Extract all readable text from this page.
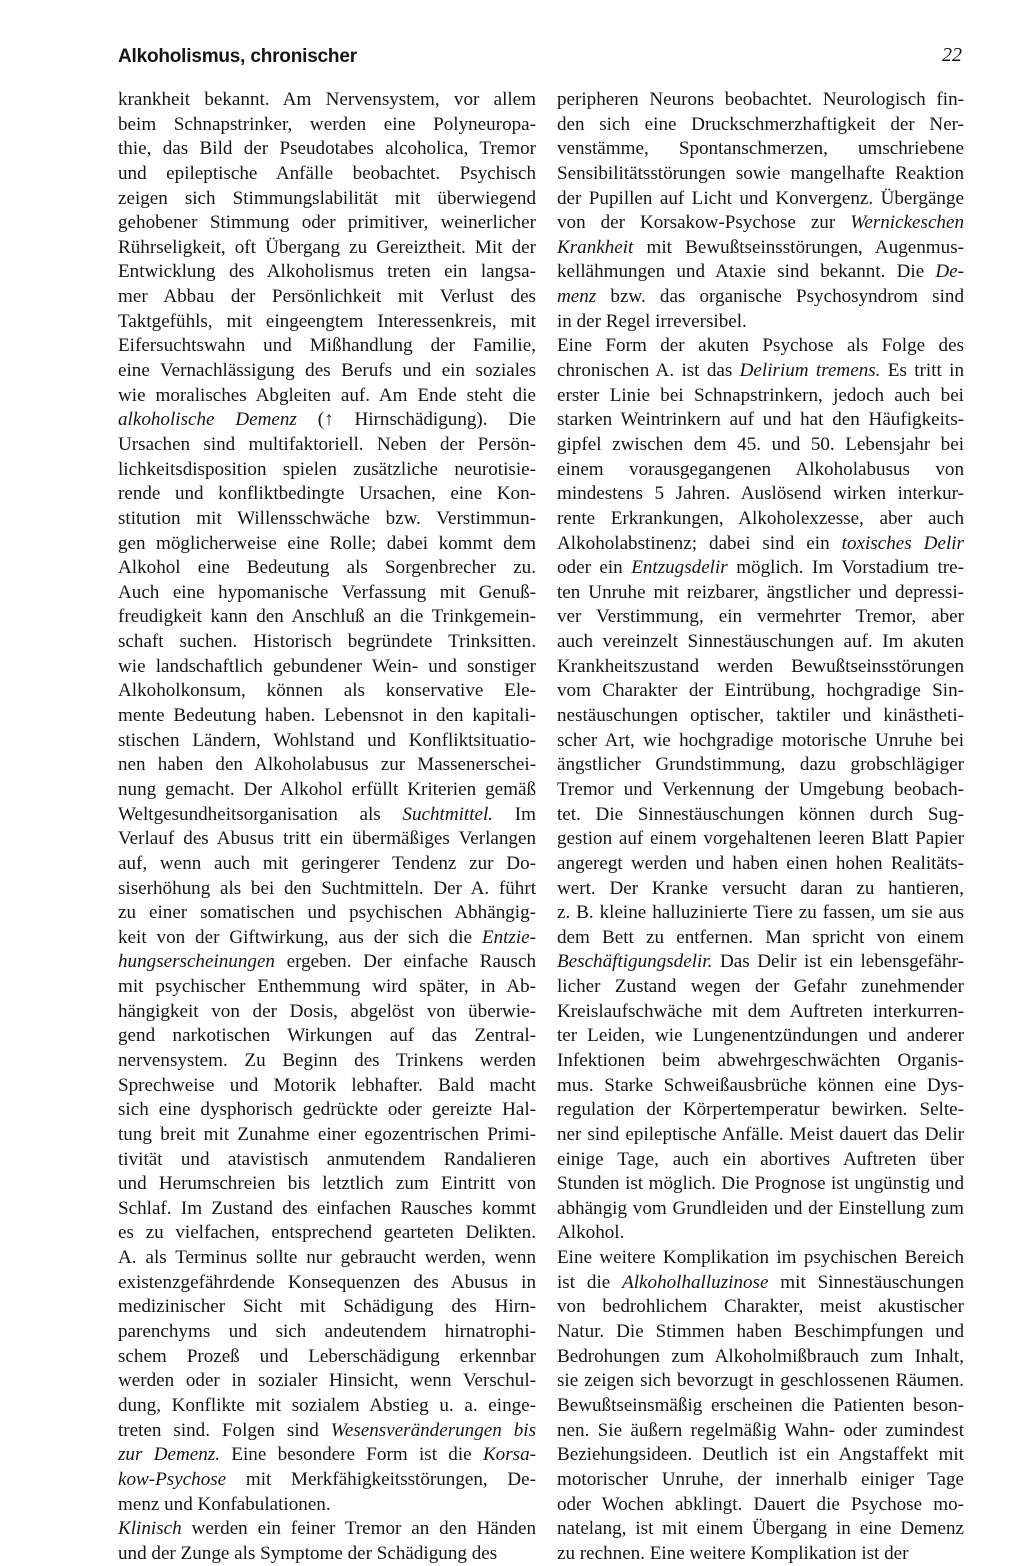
Alkoholismus, chronischer	22
krankheit bekannt. Am Nervensystem, vor allem
beim Schnapstrinker, werden eine Polyneuropa-
thie, das Bild der Pseudotabes alcoholica, Tremor
und epileptische Anfälle beobachtet. Psychisch
zeigen sich Stimmungslabilität mit überwiegend
gehobener Stimmung oder primitiver, weinerlicher
Rührseligkeit, oft Übergang zu Gereiztheit. Mit der
Entwicklung des Alkoholismus treten ein langsa-
mer Abbau der Persönlichkeit mit Verlust des
Taktgefühls, mit eingeengtem Interessenkreis, mit
Eifersuchtswahn und Mißhandlung der Familie,
eine Vernachlässigung des Berufs und ein soziales
wie moralisches Abgleiten auf. Am Ende steht die
alkoholische Demenz (↑ Hirnschädigung). Die
Ursachen sind multifaktoriell. Neben der Persön-
lichkeitsdisposition spielen zusätzliche neurotisie-
rende und konfliktbedingte Ursachen, eine Kon-
stitution mit Willensschwäche bzw. Verstimmun-
gen möglicherweise eine Rolle; dabei kommt dem
Alkohol eine Bedeutung als Sorgenbrecher zu.
Auch eine hypomanische Verfassung mit Genuß-
freudigkeit kann den Anschluß an die Trinkgemein-
schaft suchen. Historisch begründete Trinksitten.
wie landschaftlich gebundener Wein- und sonstiger
Alkoholkonsum, können als konservative Ele-
mente Bedeutung haben. Lebensnot in den kapitali-
stischen Ländern, Wohlstand und Konfliktsituatio-
nen haben den Alkoholabusus zur Massenerschei-
nung gemacht. Der Alkohol erfüllt Kriterien gemäß
Weltgesundheitsorganisation als Suchtmittel. Im
Verlauf des Abusus tritt ein übermäßiges Verlangen
auf, wenn auch mit geringerer Tendenz zur Do-
siserhöhung als bei den Suchtmitteln. Der A. führt
zu einer somatischen und psychischen Abhängig-
keit von der Giftwirkung, aus der sich die Entzie-
hungserscheinungen ergeben. Der einfache Rausch
mit psychischer Enthemmung wird später, in Ab-
hängigkeit von der Dosis, abgelöst von überwie-
gend narkotischen Wirkungen auf das Zentral-
nervensystem. Zu Beginn des Trinkens werden
Sprechweise und Motorik lebhafter. Bald macht
sich eine dysphorisch gedrückte oder gereizte Hal-
tung breit mit Zunahme einer egozentrischen Primi-
tivität und atavistisch anmutendem Randalieren
und Herumschreien bis letztlich zum Eintritt von
Schlaf. Im Zustand des einfachen Rausches kommt
es zu vielfachen, entsprechend gearteten Delikten.
A. als Terminus sollte nur gebraucht werden, wenn
existenzgefährdende Konsequenzen des Abusus in
medizinischer Sicht mit Schädigung des Hirn-
parenchyms und sich andeutendem hirnatrophi-
schem Prozeß und Leberschädigung erkennbar
werden oder in sozialer Hinsicht, wenn Verschul-
dung, Konflikte mit sozialem Abstieg u. a. einge-
treten sind. Folgen sind Wesensveränderungen bis
zur Demenz. Eine besondere Form ist die Korsa-
kow-Psychose mit Merkfähigkeitsstörungen, De-
menz und Konfabulationen.
Klinisch werden ein feiner Tremor an den Händen
und der Zunge als Symptome der Schädigung des
peripheren Neurons beobachtet. Neurologisch fin-
den sich eine Druckschmerzhaftigkeit der Ner-
venstämme, Spontanschmerzen, umschriebene
Sensibilitätsstörungen sowie mangelhafte Reaktion
der Pupillen auf Licht und Konvergenz. Übergänge
von der Korsakow-Psychose zur Wernickeschen
Krankheit mit Bewußtseinsstörungen, Augenmus-
kellähmungen und Ataxie sind bekannt. Die De-
menz bzw. das organische Psychosyndrom sind
in der Regel irreversibel.
Eine Form der akuten Psychose als Folge des
chronischen A. ist das Delirium tremens. Es tritt in
erster Linie bei Schnapstrinkern, jedoch auch bei
starken Weintrinkern auf und hat den Häufigkeits-
gipfel zwischen dem 45. und 50. Lebensjahr bei
einem vorausgegangenen Alkoholabusus von
mindestens 5 Jahren. Auslösend wirken interkur-
rente Erkrankungen, Alkoholexzesse, aber auch
Alkoholabstinenz; dabei sind ein toxisches Delir
oder ein Entzugsdelir möglich. Im Vorstadium tre-
ten Unruhe mit reizbarer, ängstlicher und depressi-
ver Verstimmung, ein vermehrter Tremor, aber
auch vereinzelt Sinnestäuschungen auf. Im akuten
Krankheitszustand werden Bewußtseinsstörungen
vom Charakter der Eintrübung, hochgradige Sin-
nestäuschungen optischer, taktiler und kinästheti-
scher Art, wie hochgradige motorische Unruhe bei
ängstlicher Grundstimmung, dazu grobschlägiger
Tremor und Verkennung der Umgebung beobach-
tet. Die Sinnestäuschungen können durch Sug-
gestion auf einem vorgehaltenen leeren Blatt Papier
angeregt werden und haben einen hohen Realitäts-
wert. Der Kranke versucht daran zu hantieren,
z. B. kleine halluzinierte Tiere zu fassen, um sie aus
dem Bett zu entfernen. Man spricht von einem
Beschäftigungsdelir. Das Delir ist ein lebensgefähr-
licher Zustand wegen der Gefahr zunehmender
Kreislaufschwäche mit dem Auftreten interkurren-
ter Leiden, wie Lungenentzündungen und anderer
Infektionen beim abwehrgeschwächten Organis-
mus. Starke Schweißausbrüche können eine Dys-
regulation der Körpertemperatur bewirken. Selte-
ner sind epileptische Anfälle. Meist dauert das Delir
einige Tage, auch ein abortives Auftreten über
Stunden ist möglich. Die Prognose ist ungünstig und
abhängig vom Grundleiden und der Einstellung zum
Alkohol.
Eine weitere Komplikation im psychischen Bereich
ist die Alkoholhalluzinose mit Sinnestäuschungen
von bedrohlichem Charakter, meist akustischer
Natur. Die Stimmen haben Beschimpfungen und
Bedrohungen zum Alkoholmißbrauch zum Inhalt,
sie zeigen sich bevorzugt in geschlossenen Räumen.
Bewußtseinsmäßig erscheinen die Patienten beson-
nen. Sie äußern regelmäßig Wahn- oder zumindest
Beziehungsideen. Deutlich ist ein Angstaffekt mit
motorischer Unruhe, der innerhalb einiger Tage
oder Wochen abklingt. Dauert die Psychose mo-
natelang, ist mit einem Übergang in eine Demenz
zu rechnen. Eine weitere Komplikation ist der
